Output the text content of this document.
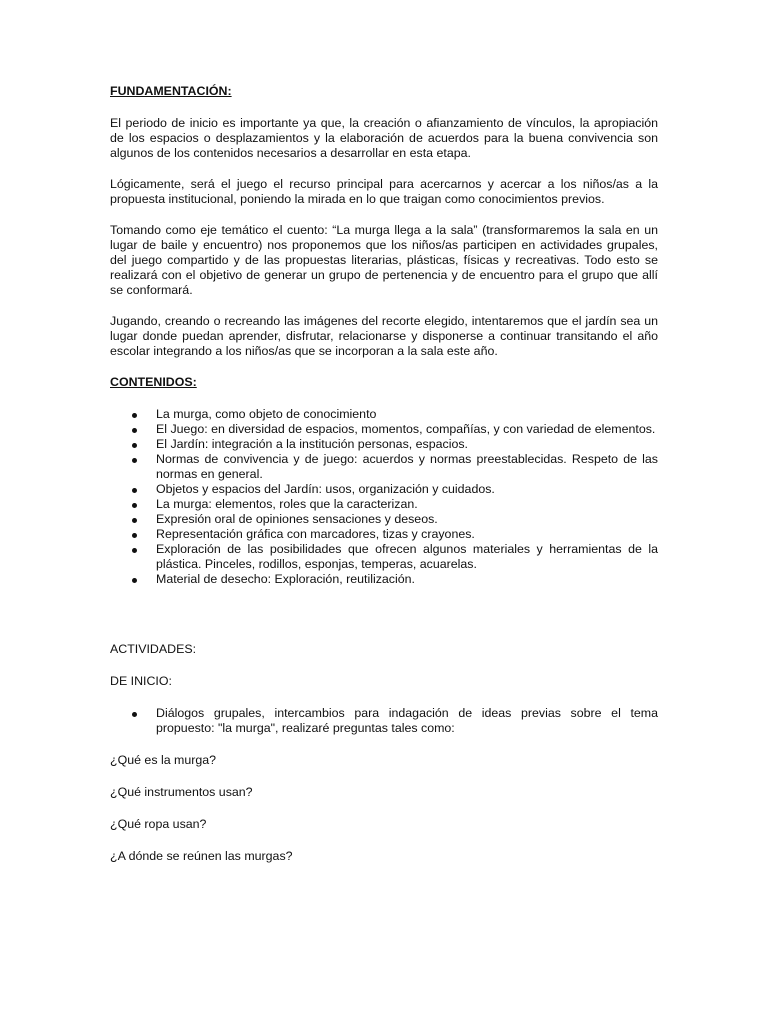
FUNDAMENTACIÓN:

El periodo de inicio es importante ya que, la creación o afianzamiento de vínculos, la apropiación de los espacios o desplazamientos y la elaboración de acuerdos para la buena convivencia son algunos de los contenidos necesarios a desarrollar en esta etapa.

Lógicamente, será el juego el recurso principal para acercarnos y acercar a los niños/as a la propuesta institucional, poniendo la mirada en lo que traigan como conocimientos previos.

Tomando como eje temático el cuento: “La murga llega a la sala” (transformaremos la sala en un lugar de baile y encuentro) nos proponemos que los niños/as participen en actividades grupales, del juego compartido y de las propuestas literarias, plásticas, físicas y recreativas. Todo esto se realizará con el objetivo de generar un grupo de pertenencia y de encuentro para el grupo que allí se conformará.

Jugando, creando o recreando las imágenes del recorte elegido, intentaremos que el jardín sea un lugar donde puedan aprender, disfrutar, relacionarse y disponerse a continuar transitando el año escolar integrando a los niños/as que se incorporan a la sala este año.

CONTENIDOS:
La murga, como objeto de conocimiento
El Juego: en diversidad de espacios, momentos, compañías, y con variedad de elementos.
El Jardín: integración a la institución personas, espacios.
Normas de convivencia y de juego: acuerdos y normas preestablecidas. Respeto de las normas en general.
Objetos y espacios del Jardín: usos, organización y cuidados.
La murga: elementos, roles que la caracterizan.
Expresión oral de opiniones sensaciones y deseos.
Representación gráfica con marcadores, tizas y crayones.
Exploración de las posibilidades que ofrecen algunos materiales y herramientas de la plástica. Pinceles, rodillos, esponjas, temperas, acuarelas.
Material de desecho: Exploración, reutilización.
ACTIVIDADES:
DE INICIO:
Diálogos grupales, intercambios para indagación de ideas previas sobre el tema propuesto: "la murga", realizaré preguntas tales como:
¿Qué es la murga?
¿Qué instrumentos usan?
¿Qué ropa usan?
¿A dónde se reúnen las murgas?
